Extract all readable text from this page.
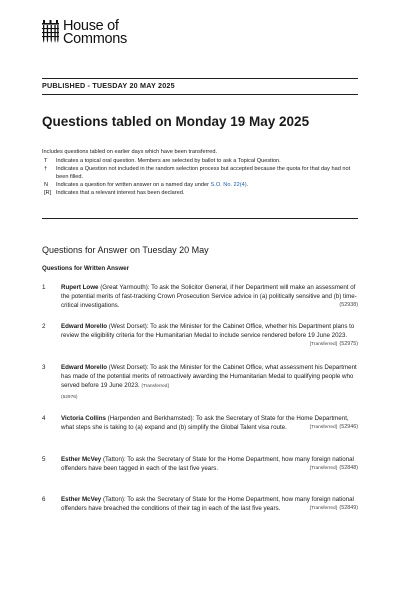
House of
Commons
PUBLISHED - TUESDAY 20 MAY 2025
Questions tabled on Monday 19 May 2025
Includes questions tabled on earlier days which have been transferred.
T	Indicates a topical oral question. Members are selected by ballot to ask a Topical Question.
†	Indicates a Question not included in the random selection process but accepted because the quota for that day had not been filled.
N	Indicates a question for written answer on a named day under S.O. No. 22(4).
[R] Indicates that a relevant interest has been declared.
Questions for Answer on Tuesday 20 May
Questions for Written Answer
1	Rupert Lowe (Great Yarmouth): To ask the Solicitor General, if her Department will make an assessment of the potential merits of fast-tracking Crown Prosecution Service advice in (a) politically sensitive and (b) time-critical investigations.	(52938)
2	Edward Morello (West Dorset): To ask the Minister for the Cabinet Office, whether his Department plans to review the eligibility criteria for the Humanitarian Medal to include service rendered before 19 June 2023.
[Transferred] (52975)
3	Edward Morello (West Dorset): To ask the Minister for the Cabinet Office, what assessment his Department has made of the potential merits of retroactively awarding the Humanitarian Medal to qualifying people who served before 19 June 2023. [Transferred]
(52976)
4	Victoria Collins (Harpenden and Berkhamsted): To ask the Secretary of State for the Home Department, what steps she is taking to (a) expand and (b) simplify the Global Talent visa route.	[Transferred] (52946)
5	Esther McVey (Tatton): To ask the Secretary of State for the Home Department, how many foreign national offenders have been tagged in each of the last five years.	[Transferred] (52848)
6	Esther McVey (Tatton): To ask the Secretary of State for the Home Department, how many foreign national offenders have breached the conditions of their tag in each of the last five years.	[Transferred] (52849)
